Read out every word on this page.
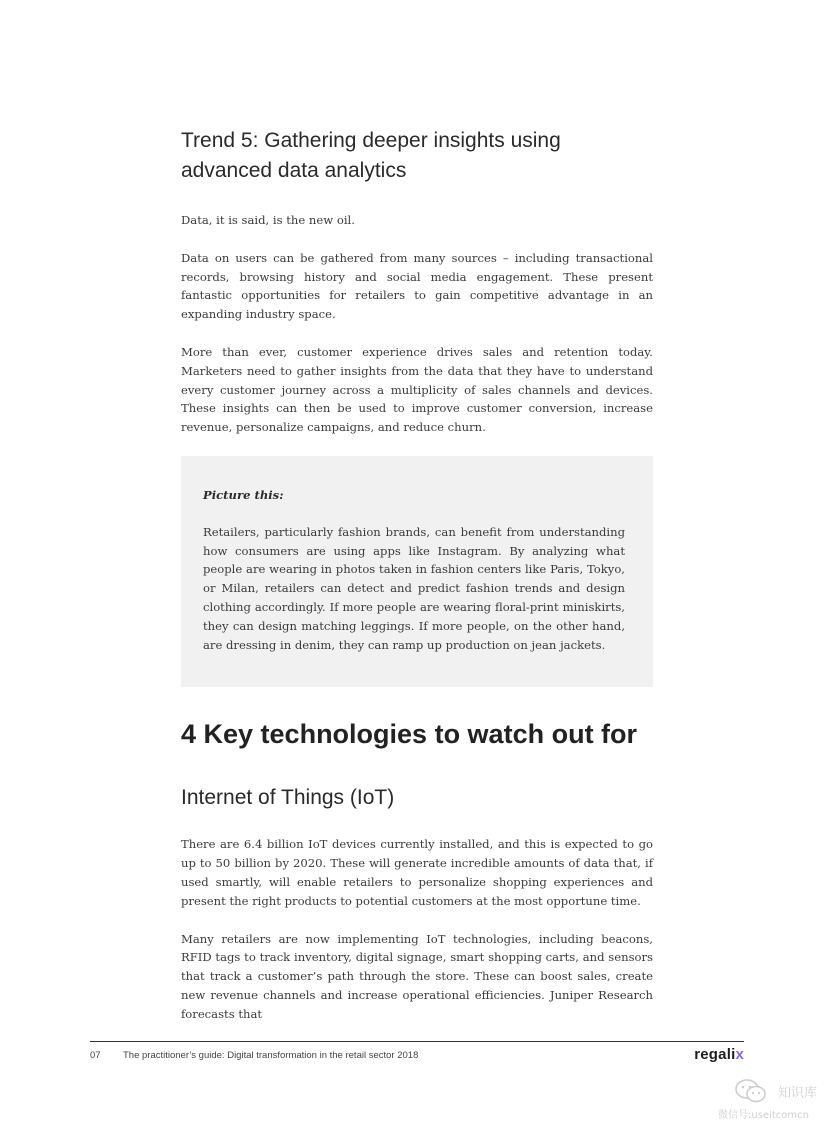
Trend 5: Gathering deeper insights using advanced data analytics

Data, it is said, is the new oil.

Data on users can be gathered from many sources – including transactional records, browsing history and social media engagement. These present fantastic opportunities for retailers to gain competitive advantage in an expanding industry space.

More than ever, customer experience drives sales and retention today. Marketers need to gather insights from the data that they have to understand every customer journey across a multiplicity of sales channels and devices. These insights can then be used to improve customer conversion, increase revenue, personalize campaigns, and reduce churn.

Picture this:

Retailers, particularly fashion brands, can benefit from understanding how consumers are using apps like Instagram. By analyzing what people are wearing in photos taken in fashion centers like Paris, Tokyo, or Milan, retailers can detect and predict fashion trends and design clothing accordingly. If more people are wearing floral-print miniskirts, they can design matching leggings. If more people, on the other hand, are dressing in denim, they can ramp up production on jean jackets.

4 Key technologies to watch out for
Internet of Things (IoT)

There are 6.4 billion IoT devices currently installed, and this is expected to go up to 50 billion by 2020. These will generate incredible amounts of data that, if used smartly, will enable retailers to personalize shopping experiences and present the right products to potential customers at the most opportune time.

Many retailers are now implementing IoT technologies, including beacons, RFID tags to track inventory, digital signage, smart shopping carts, and sensors that track a customer’s path through the store. These can boost sales, create new revenue channels and increase operational efficiencies. Juniper Research forecasts that

07 The practitioner’s guide: Digital transformation in the retail sector 2018	regalix
知识库
微信号:useitcomcn
